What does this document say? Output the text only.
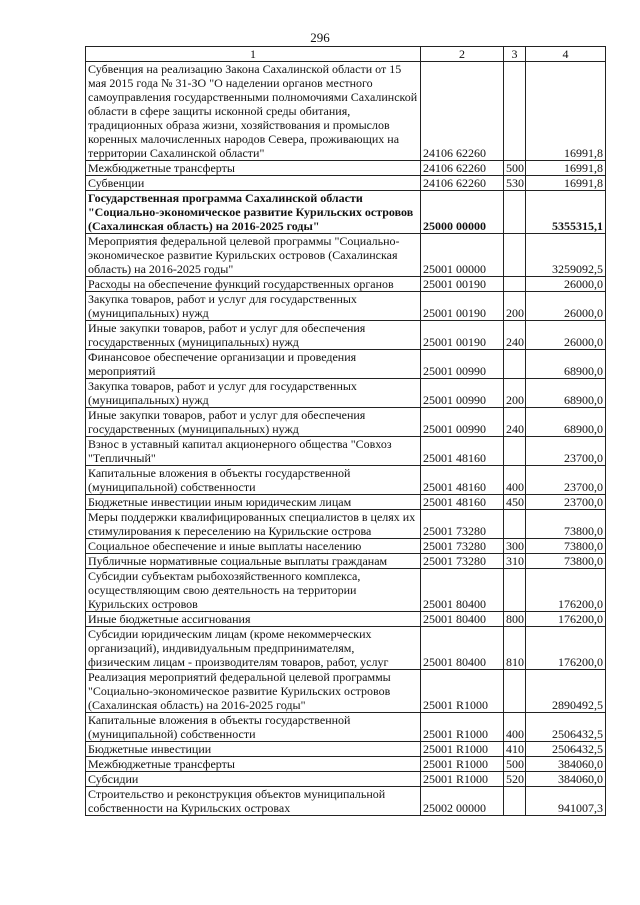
296
1	2	3	4
Субвенция на реализацию Закона Сахалинской области от 15 мая 2015 года № 31-ЗО "О наделении органов местного самоуправления государственными полномочиями Сахалинской области в сфере защиты исконной среды обитания, традиционных образа жизни, хозяйствования и промыслов коренных малочисленных народов Севера, проживающих на территории Сахалинской области"	24106 62260		16991,8
Межбюджетные трансферты	24106 62260	500	16991,8
Субвенции	24106 62260	530	16991,8
Государственная программа Сахалинской области "Социально-экономическое развитие Курильских островов (Сахалинская область) на 2016-2025 годы"	25000 00000		5355315,1
Мероприятия федеральной целевой программы "Социально-экономическое развитие Курильских островов (Сахалинская область) на 2016-2025 годы"	25001 00000		3259092,5
Расходы на обеспечение функций государственных органов	25001 00190		26000,0
Закупка товаров, работ и услуг для государственных (муниципальных) нужд	25001 00190	200	26000,0
Иные закупки товаров, работ и услуг для обеспечения государственных (муниципальных) нужд	25001 00190	240	26000,0
Финансовое обеспечение организации и проведения мероприятий	25001 00990		68900,0
Закупка товаров, работ и услуг для государственных (муниципальных) нужд	25001 00990	200	68900,0
Иные закупки товаров, работ и услуг для обеспечения государственных (муниципальных) нужд	25001 00990	240	68900,0
Взнос в уставный капитал акционерного общества "Совхоз "Тепличный"	25001 48160		23700,0
Капитальные вложения в объекты государственной (муниципальной) собственности	25001 48160	400	23700,0
Бюджетные инвестиции иным юридическим лицам	25001 48160	450	23700,0
Меры поддержки квалифицированных специалистов в целях их стимулирования к переселению на Курильские острова	25001 73280		73800,0
Социальное обеспечение и иные выплаты населению	25001 73280	300	73800,0
Публичные нормативные социальные выплаты гражданам	25001 73280	310	73800,0
Субсидии субъектам рыбохозяйственного комплекса, осуществляющим свою деятельность на территории Курильских островов	25001 80400		176200,0
Иные бюджетные ассигнования	25001 80400	800	176200,0
Субсидии юридическим лицам (кроме некоммерческих организаций), индивидуальным предпринимателям, физическим лицам - производителям товаров, работ, услуг	25001 80400	810	176200,0
Реализация мероприятий федеральной целевой программы "Социально-экономическое развитие Курильских островов (Сахалинская область) на 2016-2025 годы"	25001 R1000		2890492,5
Капитальные вложения в объекты государственной (муниципальной) собственности	25001 R1000	400	2506432,5
Бюджетные инвестиции	25001 R1000	410	2506432,5
Межбюджетные трансферты	25001 R1000	500	384060,0
Субсидии	25001 R1000	520	384060,0
Строительство и реконструкция объектов муниципальной собственности на Курильских островах	25002 00000		941007,3
